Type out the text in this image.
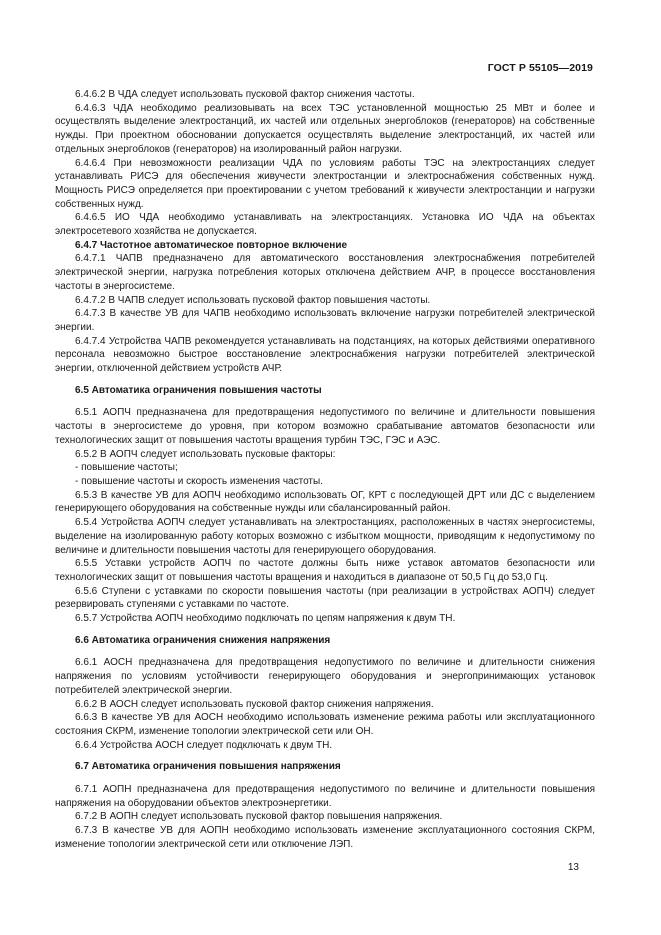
ГОСТ Р 55105—2019

6.4.6.2 В ЧДА следует использовать пусковой фактор снижения частоты.

6.4.6.3 ЧДА необходимо реализовывать на всех ТЭС установленной мощностью 25 МВт и более и осуществлять выделение электростанций, их частей или отдельных энергоблоков (генераторов) на собственные нужды. При проектном обосновании допускается осуществлять выделение электростанций, их частей или отдельных энергоблоков (генераторов) на изолированный район нагрузки.

6.4.6.4 При невозможности реализации ЧДА по условиям работы ТЭС на электростанциях следует устанавливать РИСЭ для обеспечения живучести электростанции и электроснабжения собственных нужд. Мощность РИСЭ определяется при проектировании с учетом требований к живучести электростанции и нагрузки собственных нужд.

6.4.6.5 ИО ЧДА необходимо устанавливать на электростанциях. Установка ИО ЧДА на объектах электросетевого хозяйства не допускается.

6.4.7 Частотное автоматическое повторное включение

6.4.7.1 ЧАПВ предназначено для автоматического восстановления электроснабжения потребителей электрической энергии, нагрузка потребления которых отключена действием АЧР, в процессе восстановления частоты в энергосистеме.

6.4.7.2 В ЧАПВ следует использовать пусковой фактор повышения частоты.

6.4.7.3 В качестве УВ для ЧАПВ необходимо использовать включение нагрузки потребителей электрической энергии.

6.4.7.4 Устройства ЧАПВ рекомендуется устанавливать на подстанциях, на которых действиями оперативного персонала невозможно быстрое восстановление электроснабжения нагрузки потребителей электрической энергии, отключенной действием устройств АЧР.

6.5 Автоматика ограничения повышения частоты

6.5.1 АОПЧ предназначена для предотвращения недопустимого по величине и длительности повышения частоты в энергосистеме до уровня, при котором возможно срабатывание автоматов безопасности или технологических защит от повышения частоты вращения турбин ТЭС, ГЭС и АЭС.

6.5.2 В АОПЧ следует использовать пусковые факторы:

- повышение частоты;

- повышение частоты и скорость изменения частоты.

6.5.3 В качестве УВ для АОПЧ необходимо использовать ОГ, КРТ с последующей ДРТ или ДС с выделением генерирующего оборудования на собственные нужды или сбалансированный район.

6.5.4 Устройства АОПЧ следует устанавливать на электростанциях, расположенных в частях энергосистемы, выделение на изолированную работу которых возможно с избытком мощности, приводящим к недопустимому по величине и длительности повышения частоты для генерирующего оборудования.

6.5.5 Уставки устройств АОПЧ по частоте должны быть ниже уставок автоматов безопасности или технологических защит от повышения частоты вращения и находиться в диапазоне от 50,5 Гц до 53,0 Гц.

6.5.6 Ступени с уставками по скорости повышения частоты (при реализации в устройствах АОПЧ) следует резервировать ступенями с уставками по частоте.

6.5.7 Устройства АОПЧ необходимо подключать по цепям напряжения к двум ТН.

6.6 Автоматика ограничения снижения напряжения

6.6.1 АОСН предназначена для предотвращения недопустимого по величине и длительности снижения напряжения по условиям устойчивости генерирующего оборудования и энергопринимающих установок потребителей электрической энергии.

6.6.2 В АОСН следует использовать пусковой фактор снижения напряжения.

6.6.3 В качестве УВ для АОСН необходимо использовать изменение режима работы или эксплуатационного состояния СКРМ, изменение топологии электрической сети или ОН.

6.6.4 Устройства АОСН следует подключать к двум ТН.

6.7 Автоматика ограничения повышения напряжения

6.7.1 АОПН предназначена для предотвращения недопустимого по величине и длительности повышения напряжения на оборудовании объектов электроэнергетики.

6.7.2 В АОПН следует использовать пусковой фактор повышения напряжения.

6.7.3 В качестве УВ для АОПН необходимо использовать изменение эксплуатационного состояния СКРМ, изменение топологии электрической сети или отключение ЛЭП.

13
